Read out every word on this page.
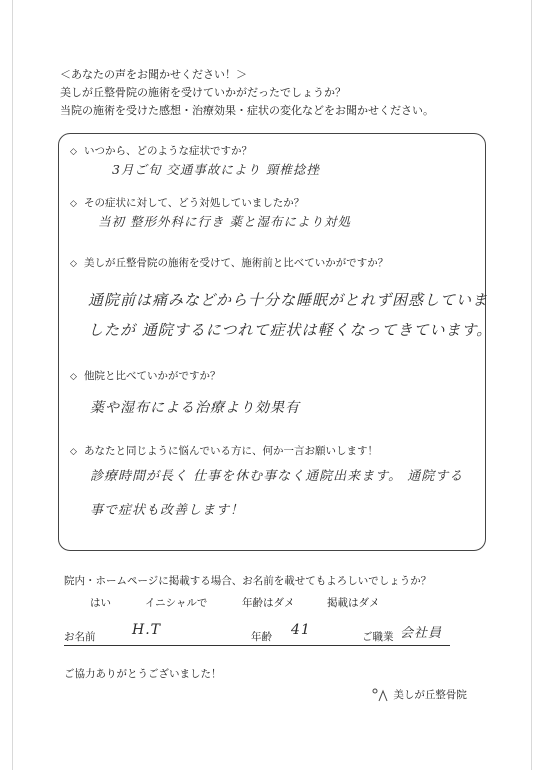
＜あなたの声をお聞かせください！＞
美しが丘整骨院の施術を受けていかがだったでしょうか？
当院の施術を受けた感想・治療効果・症状の変化などをお聞かせください。
◇ いつから、どのような症状ですか？
3月ご旬 交通事故により 頸椎捻挫
◇ その症状に対して、どう対処していましたか？
当初 整形外科に行き 薬と湿布により対処
◇ 美しが丘整骨院の施術を受けて、施術前と比べていかがですか？
通院前は痛みなどから十分な睡眠がとれず困惑していましたが 通院するにつれて症状は軽くなってきています。
◇ 他院と比べていかがですか？
薬や湿布による治療より効果有
◇ あなたと同じように悩んでいる方に、何か一言お願いします！
診療時間が長く 仕事を休む事なく通院出来ます。 通院する事で症状も改善します！
院内・ホームページに掲載する場合、お名前を載せてもよろしいでしょうか？
はい	イニシャルで	年齢はダメ	掲載はダメ
お名前	H.T	年齢 41	ご職業 会社員
ご協力ありがとうございました！
美しが丘整骨院
